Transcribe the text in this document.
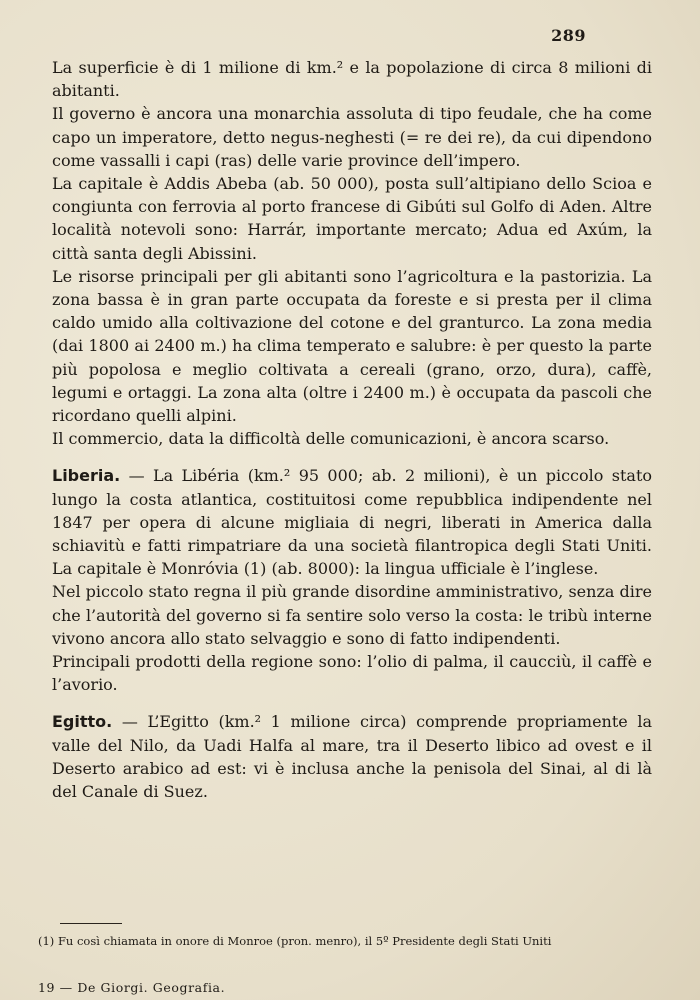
289

La superficie è di 1 milione di km.² e la popolazione di circa 8 milioni di abitanti.

Il governo è ancora una monarchia assoluta di tipo feudale, che ha come capo un imperatore, detto negus-neghesti (= re dei re), da cui dipendono come vassalli i capi (ras) delle varie province dell’impero.

La capitale è Addis Abeba (ab. 50 000), posta sull’altipiano dello Scioa e congiunta con ferrovia al porto francese di Gibúti sul Golfo di Aden. Altre località notevoli sono: Harrár, importante mercato; Adua ed Axúm, la città santa degli Abissini.

Le risorse principali per gli abitanti sono l’agricoltura e la pastorizia. La zona bassa è in gran parte occupata da foreste e si presta per il clima caldo umido alla coltivazione del cotone e del granturco. La zona media (dai 1800 ai 2400 m.) ha clima temperato e salubre: è per questo la parte più popolosa e meglio coltivata a cereali (grano, orzo, dura), caffè, legumi e ortaggi. La zona alta (oltre i 2400 m.) è occupata da pascoli che ricordano quelli alpini.

Il commercio, data la difficoltà delle comunicazioni, è ancora scarso.

Liberia. — La Libéria (km.² 95 000; ab. 2 milioni), è un piccolo stato lungo la costa atlantica, costituitosi come repubblica indipendente nel 1847 per opera di alcune migliaia di negri, liberati in America dalla schiavitù e fatti rimpatriare da una società filantropica degli Stati Uniti. La capitale è Monróvia (1) (ab. 8000): la lingua ufficiale è l’inglese.

Nel piccolo stato regna il più grande disordine amministrativo, senza dire che l’autorità del governo si fa sentire solo verso la costa: le tribù interne vivono ancora allo stato selvaggio e sono di fatto indipendenti.

Principali prodotti della regione sono: l’olio di palma, il caucciù, il caffè e l’avorio.

Egitto. — L’Egitto (km.² 1 milione circa) comprende propriamente la valle del Nilo, da Uadi Halfa al mare, tra il Deserto libico ad ovest e il Deserto arabico ad est: vi è inclusa anche la penisola del Sinai, al di là del Canale di Suez.

(1) Fu così chiamata in onore di Monroe (pron. menro), il 5º Presidente degli Stati Uniti
19 — De Giorgi. Geografia.
